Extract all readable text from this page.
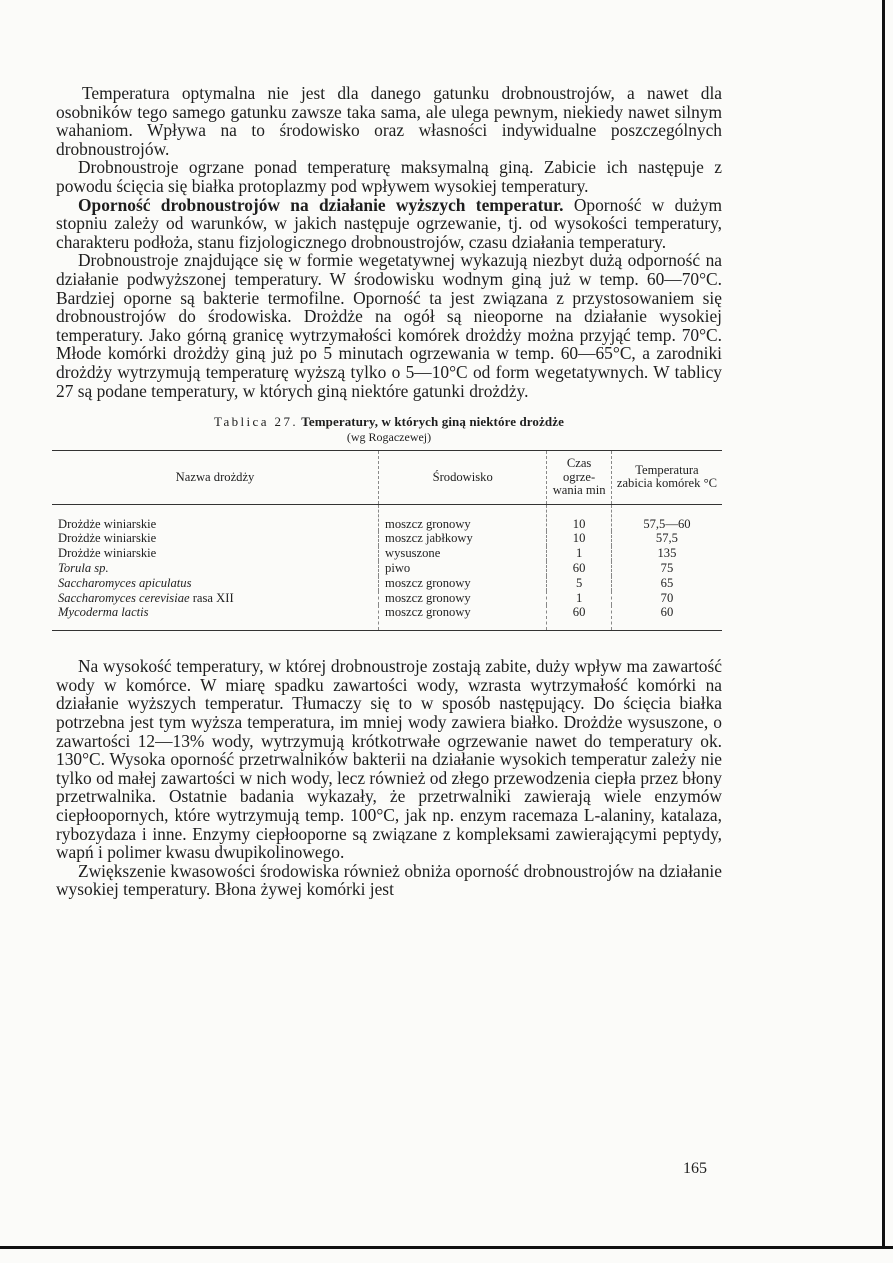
Temperatura optymalna nie jest dla danego gatunku drobnoustrojów, a nawet dla osobników tego samego gatunku zawsze taka sama, ale ulega pewnym, niekiedy nawet silnym wahaniom. Wpływa na to środowisko oraz własności indywidualne poszczególnych drobnoustrojów.

Drobnoustroje ogrzane ponad temperaturę maksymalną giną. Zabicie ich następuje z powodu ścięcia się białka protoplazmy pod wpływem wysokiej temperatury.

Oporność drobnoustrojów na działanie wyższych temperatur. Oporność w dużym stopniu zależy od warunków, w jakich następuje ogrzewanie, tj. od wysokości temperatury, charakteru podłoża, stanu fizjologicznego drobnoustrojów, czasu działania temperatury.

Drobnoustroje znajdujące się w formie wegetatywnej wykazują niezbyt dużą odporność na działanie podwyższonej temperatury. W środowisku wodnym giną już w temp. 60—70°C. Bardziej oporne są bakterie termofilne. Oporność ta jest związana z przystosowaniem się drobnoustrojów do środowiska. Drożdże na ogół są nieoporne na działanie wysokiej temperatury. Jako górną granicę wytrzymałości komórek drożdży można przyjąć temp. 70°C. Młode komórki drożdży giną już po 5 minutach ogrzewania w temp. 60—65°C, a zarodniki drożdży wytrzymują temperaturę wyższą tylko o 5—10°C od form wegetatywnych. W tablicy 27 są podane temperatury, w których giną niektóre gatunki drożdży.

Tablica 27. Temperatury, w których giną niektóre drożdże
(wg Rogaczewej)
Nazwa drożdży	Środowisko	Czas ogrze-wania min	Temperatura zabicia komórek °C
Drożdże winiarskie	moszcz gronowy	10	57,5—60
Drożdże winiarskie	moszcz jabłkowy	10	57,5
Drożdże winiarskie	wysuszone	1	135
Torula sp.	piwo	60	75
Saccharomyces apiculatus	moszcz gronowy	5	65
Saccharomyces cerevisiae rasa XII	moszcz gronowy	1	70
Mycoderma lactis	moszcz gronowy	60	60

Na wysokość temperatury, w której drobnoustroje zostają zabite, duży wpływ ma zawartość wody w komórce. W miarę spadku zawartości wody, wzrasta wytrzymałość komórki na działanie wyższych temperatur. Tłumaczy się to w sposób następujący. Do ścięcia białka potrzebna jest tym wyższa temperatura, im mniej wody zawiera białko. Drożdże wysuszone, o zawartości 12—13% wody, wytrzymują krótkotrwałe ogrzewanie nawet do temperatury ok. 130°C. Wysoka oporność przetrwalników bakterii na działanie wysokich temperatur zależy nie tylko od małej zawartości w nich wody, lecz również od złego przewodzenia ciepła przez błony przetrwalnika. Ostatnie badania wykazały, że przetrwalniki zawierają wiele enzymów ciepłoopornych, które wytrzymują temp. 100°C, jak np. enzym racemaza L-alaniny, katalaza, rybozydaza i inne. Enzymy ciepłooporne są związane z kompleksami zawierającymi peptydy, wapń i polimer kwasu dwupikolinowego.

Zwiększenie kwasowości środowiska również obniża oporność drobnoustrojów na działanie wysokiej temperatury. Błona żywej komórki jest

165
